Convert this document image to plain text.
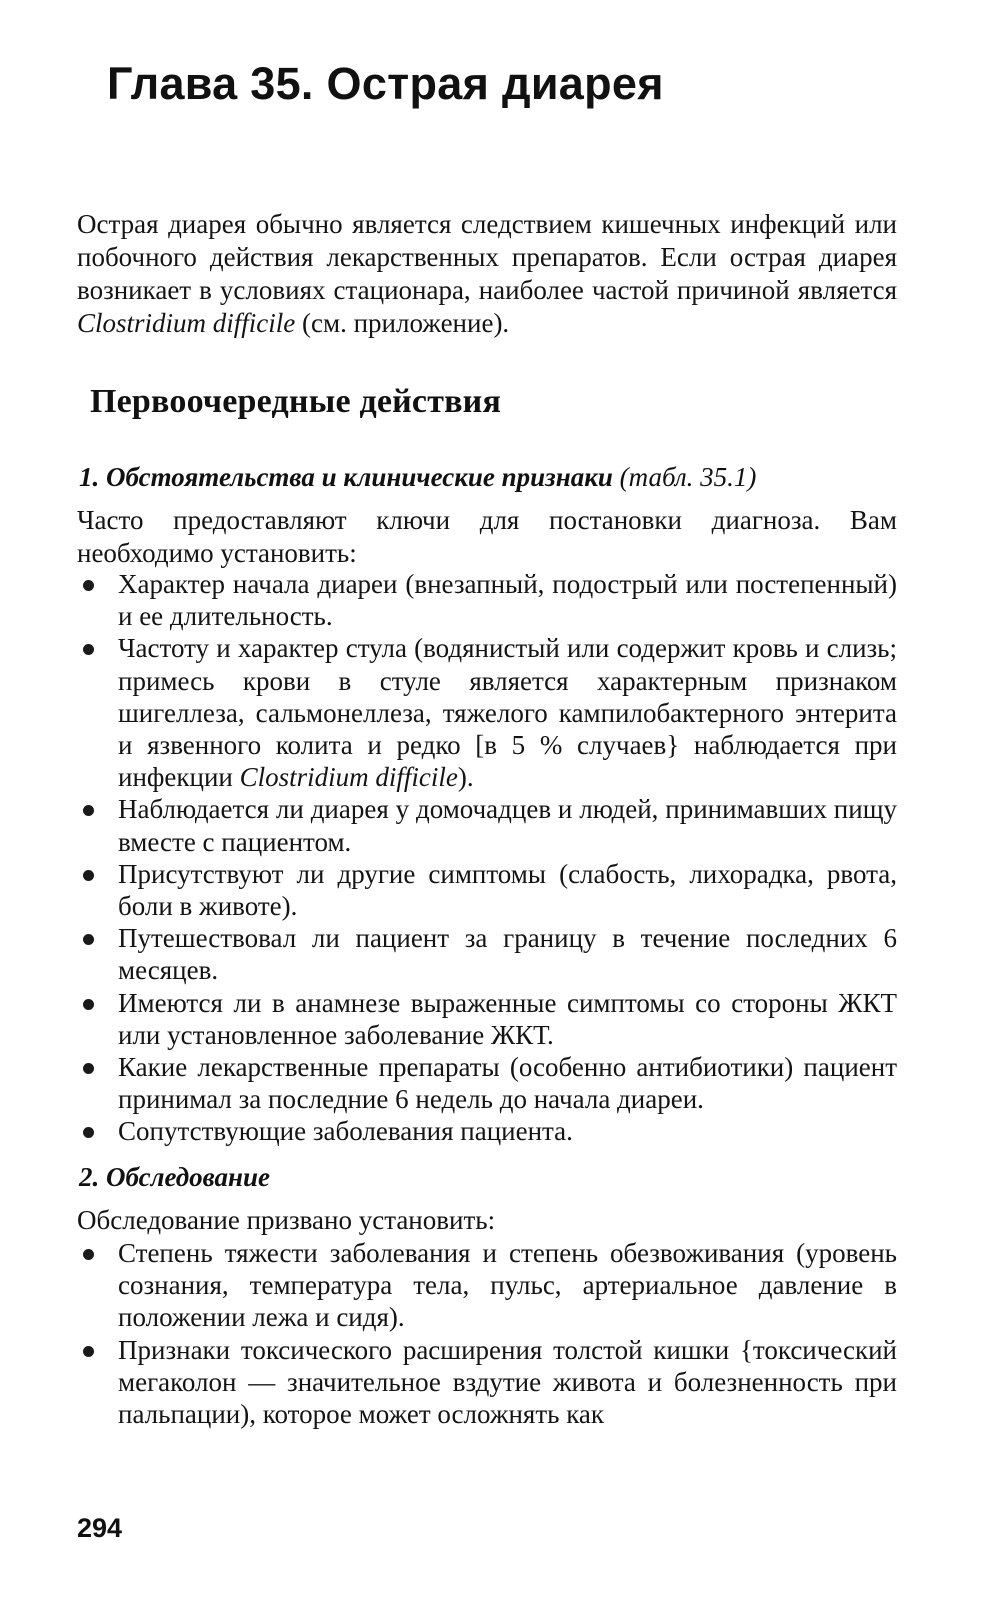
Глава 35. Острая диарея

Острая диарея обычно является следствием кишечных инфекций или побочного действия лекарственных препаратов. Если острая диарея возникает в условиях стационара, наиболее частой причиной является Clostridium difficile (см. приложение).

Первоочередные действия
1. Обстоятельства и клинические признаки (табл. 35.1)

Часто предоставляют ключи для постановки диагноза. Вам необходимо установить:

Характер начала диареи (внезапный, подострый или постепенный) и ее длительность.
Частоту и характер стула (водянистый или содержит кровь и слизь; примесь крови в стуле является характерным признаком шигеллеза, сальмонеллеза, тяжелого кампилобактерного энтерита и язвенного колита и редко [в 5 % случаев} наблюдается при инфекции Clostridium difficile).
Наблюдается ли диарея у домочадцев и людей, принимавших пищу вместе с пациентом.
Присутствуют ли другие симптомы (слабость, лихорадка, рвота, боли в животе).
Путешествовал ли пациент за границу в течение последних 6 месяцев.
Имеются ли в анамнезе выраженные симптомы со стороны ЖКТ или установленное заболевание ЖКТ.
Какие лекарственные препараты (особенно антибиотики) пациент принимал за последние 6 недель до начала диареи.
Сопутствующие заболевания пациента.
2. Обследование

Обследование призвано установить:

Степень тяжести заболевания и степень обезвоживания (уровень сознания, температура тела, пульс, артериальное давление в положении лежа и сидя).
Признаки токсического расширения толстой кишки {токсический мегаколон — значительное вздутие живота и болезненность при пальпации), которое может осложнять как

294
